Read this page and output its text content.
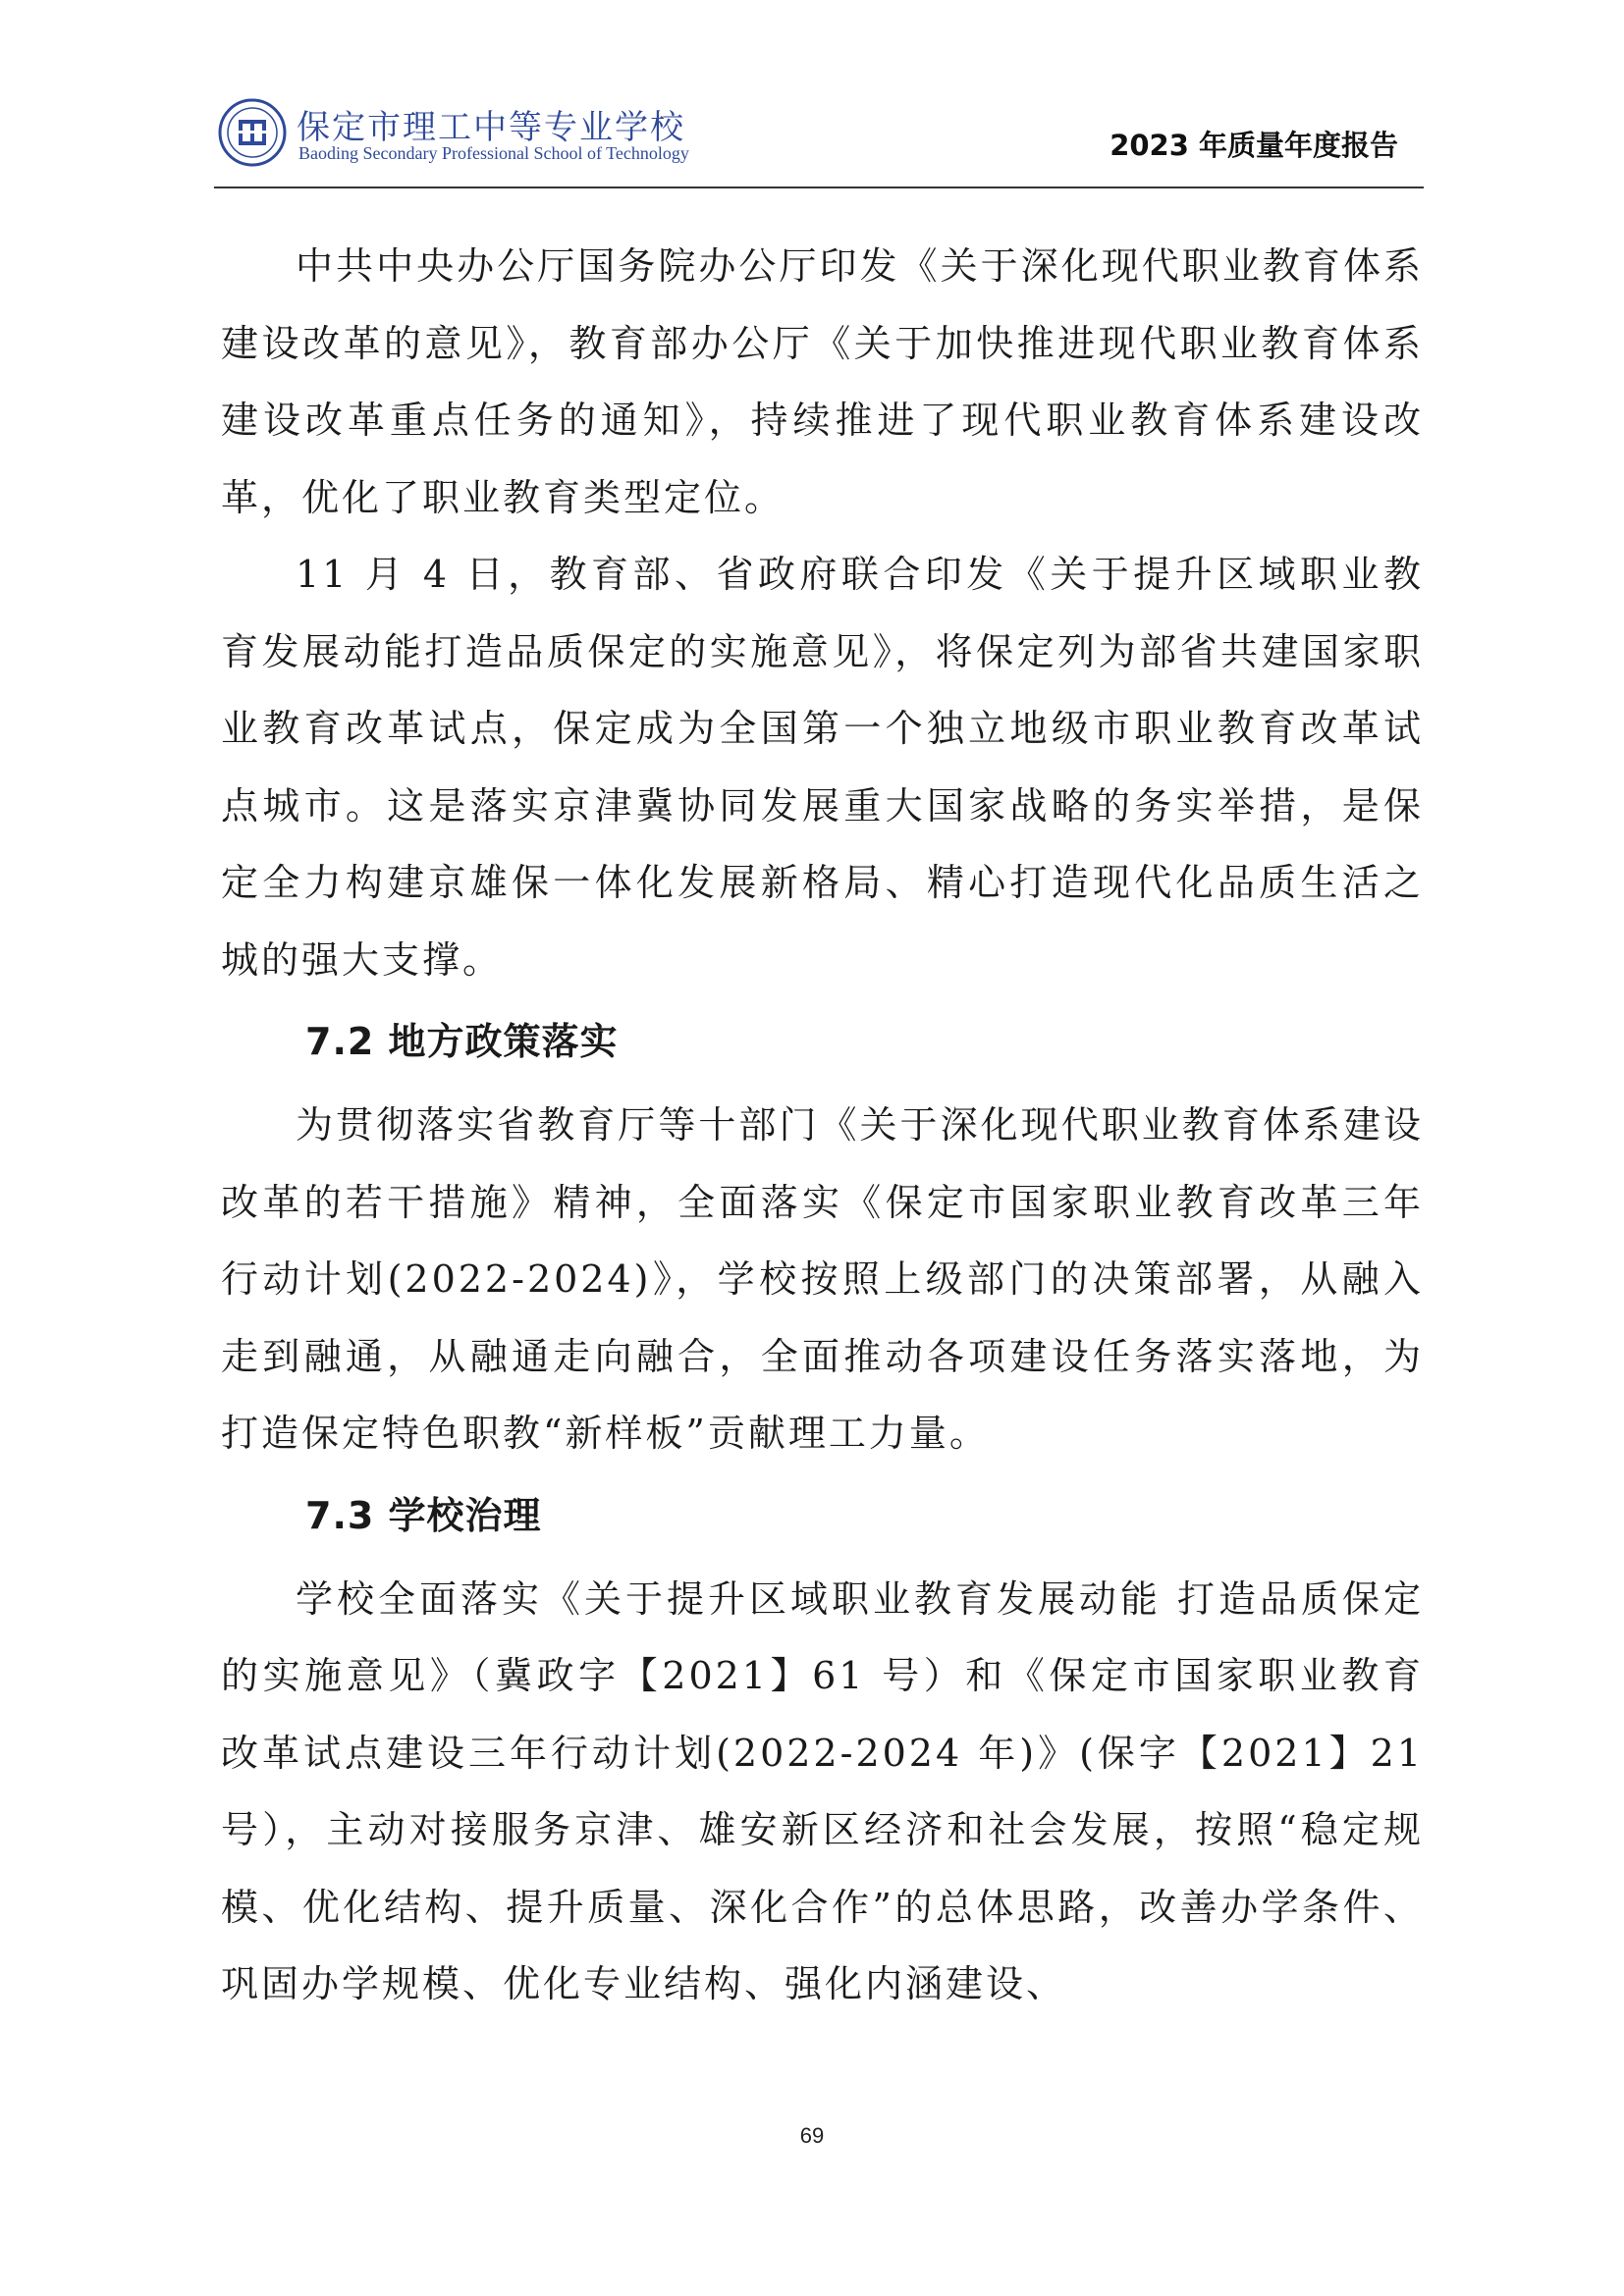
保定市理工中等专业学校
Baoding Secondary Professional School of Technology	2023 年质量年度报告

中共中央办公厅国务院办公厅印发《关于深化现代职业教育体系建设改革的意见》，教育部办公厅《关于加快推进现代职业教育体系建设改革重点任务的通知》，持续推进了现代职业教育体系建设改革，优化了职业教育类型定位。

11 月 4 日，教育部、省政府联合印发《关于提升区域职业教育发展动能打造品质保定的实施意见》，将保定列为部省共建国家职业教育改革试点，保定成为全国第一个独立地级市职业教育改革试点城市。这是落实京津冀协同发展重大国家战略的务实举措，是保定全力构建京雄保一体化发展新格局、精心打造现代化品质生活之城的强大支撑。

7.2 地方政策落实

为贯彻落实省教育厅等十部门《关于深化现代职业教育体系建设改革的若干措施》精神，全面落实《保定市国家职业教育改革三年行动计划(2022-2024)》，学校按照上级部门的决策部署，从融入走到融通，从融通走向融合，全面推动各项建设任务落实落地，为打造保定特色职教“新样板”贡献理工力量。

7.3 学校治理

学校全面落实《关于提升区域职业教育发展动能 打造品质保定的实施意见》（冀政字【2021】61 号）和《保定市国家职业教育改革试点建设三年行动计划(2022-2024 年)》(保字【2021】21 号），主动对接服务京津、雄安新区经济和社会发展，按照“稳定规模、优化结构、提升质量、深化合作”的总体思路，改善办学条件、巩固办学规模、优化专业结构、强化内涵建设、

69
